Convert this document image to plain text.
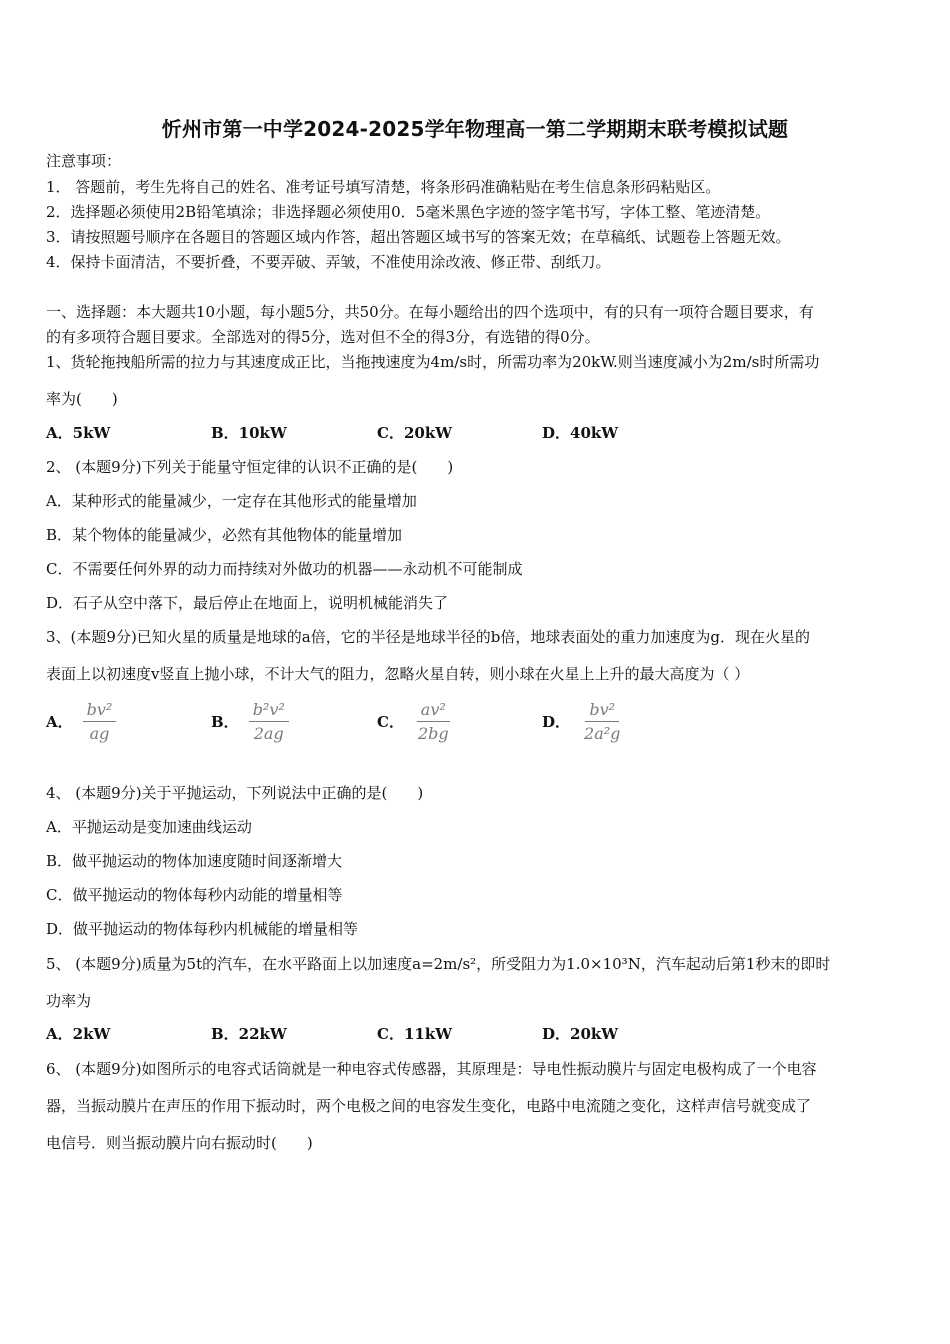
忻州市第一中学2024-2025学年物理高一第二学期期末联考模拟试题
注意事项：
1． 答题前，考生先将自己的姓名、准考证号填写清楚，将条形码准确粘贴在考生信息条形码粘贴区。
2．选择题必须使用2B铅笔填涂；非选择题必须使用0．5毫米黑色字迹的签字笔书写，字体工整、笔迹清楚。
3．请按照题号顺序在各题目的答题区域内作答，超出答题区域书写的答案无效；在草稿纸、试题卷上答题无效。
4．保持卡面清洁，不要折叠，不要弄破、弄皱，不准使用涂改液、修正带、刮纸刀。
一、选择题：本大题共10小题，每小题5分，共50分。在每小题给出的四个选项中，有的只有一项符合题目要求，有
的有多项符合题目要求。全部选对的得5分，选对但不全的得3分，有选错的得0分。
1、货轮拖拽船所需的拉力与其速度成正比，当拖拽速度为4m/s时，所需功率为20kW.则当速度减小为2m/s时所需功
率为(　　)
A．5kW	B．10kW	C．20kW	D．40kW
2、 (本题9分)下列关于能量守恒定律的认识不正确的是(　　)
A．某种形式的能量减少，一定存在其他形式的能量增加
B．某个物体的能量减少，必然有其他物体的能量增加
C．不需要任何外界的动力而持续对外做功的机器——永动机不可能制成
D．石子从空中落下，最后停止在地面上，说明机械能消失了
3、(本题9分)已知火星的质量是地球的a倍，它的半径是地球半径的b倍，地球表面处的重力加速度为g．现在火星的
表面上以初速度v竖直上抛小球，不计大气的阻力，忽略火星自转，则小球在火星上上升的最大高度为（ ）
A． $\frac{\text{bv²}}{ag}$	B． $\frac{\text{b²v²}}{2ag}$	C． $\frac{\text{av²}}{2bg}$	D． $\frac{\text{bv²}}{\text{2a²g}}$
4、 (本题9分)关于平抛运动，下列说法中正确的是(　　)
A．平抛运动是变加速曲线运动
B．做平抛运动的物体加速度随时间逐渐增大
C．做平抛运动的物体每秒内动能的增量相等
D．做平抛运动的物体每秒内机械能的增量相等
5、 (本题9分)质量为5t的汽车，在水平路面上以加速度a=2m/s²，所受阻力为1.0×10³N，汽车起动后第1秒末的即时
功率为
A．2kW	B．22kW	C．11kW	D．20kW
6、 (本题9分)如图所示的电容式话筒就是一种电容式传感器，其原理是：导电性振动膜片与固定电极构成了一个电容
器，当振动膜片在声压的作用下振动时，两个电极之间的电容发生变化，电路中电流随之变化，这样声信号就变成了
电信号．则当振动膜片向右振动时(　　)
